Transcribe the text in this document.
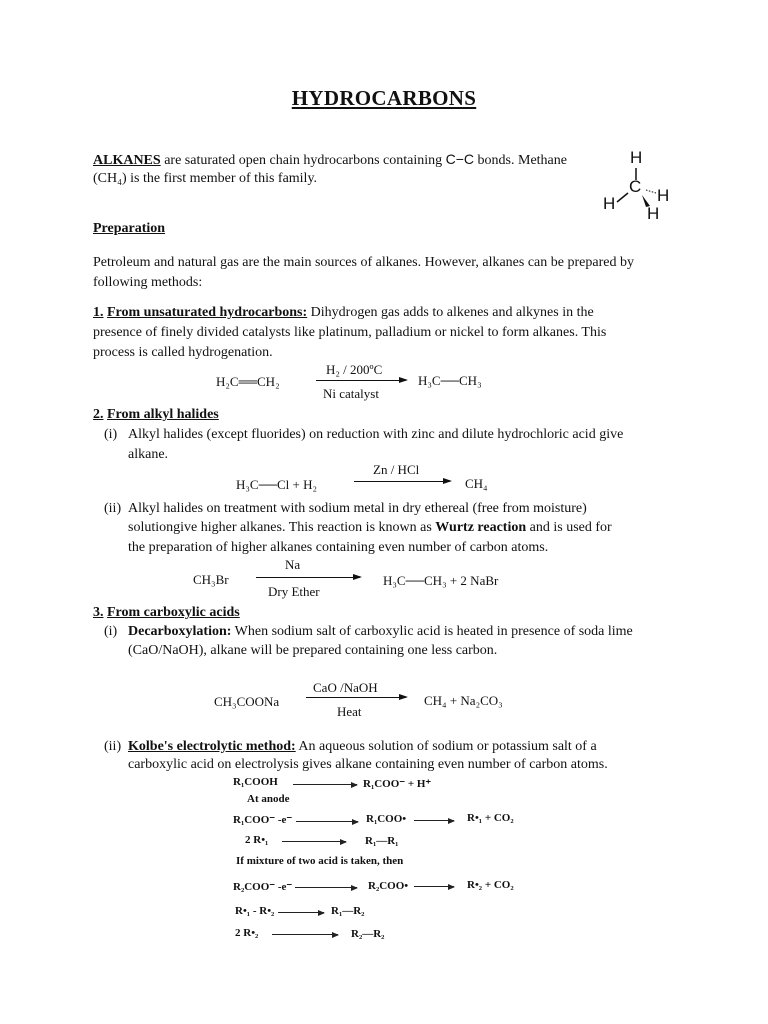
HYDROCARBONS
ALKANES are saturated open chain hydrocarbons containing C−C bonds. Methane
(CH₄) is the first member of this family.
H
C
H H
H
Preparation
Petroleum and natural gas are the main sources of alkanes. However, alkanes can be prepared by
following methods:
1. From unsaturated hydrocarbons: Dihydrogen gas adds to alkenes and alkynes in the
presence of finely divided catalysts like platinum, palladium or nickel to form alkanes. This
process is called hydrogenation.
H₂C══CH₂
H₂ / 200ºC
Ni catalyst
H₃C──CH₃
2. From alkyl halides
(i) Alkyl halides (except fluorides) on reduction with zinc and dilute hydrochloric acid give
alkane.
H₃C──Cl + H₂
Zn / HCl
CH₄
(ii) Alkyl halides on treatment with sodium metal in dry ethereal (free from moisture)
solutiongive higher alkanes. This reaction is known as Wurtz reaction and is used for
the preparation of higher alkanes containing even number of carbon atoms.
CH₃Br
Na
Dry Ether
H₃C──CH₃ + 2 NaBr
3. From carboxylic acids
(i) Decarboxylation: When sodium salt of carboxylic acid is heated in presence of soda lime
(CaO/NaOH), alkane will be prepared containing one less carbon.
CH₃COONa
CaO /NaOH
Heat
CH₄ + Na₂CO₃
(ii) Kolbe's electrolytic method: An aqueous solution of sodium or potassium salt of a
carboxylic acid on electrolysis gives alkane containing even number of carbon atoms.
R₁COOH	R₁COO⁻ + H⁺
At anode
R₁COO⁻ -e⁻	R₁COO•	R•₁ + CO₂
2 R•₁	R₁—R₁
If mixture of two acid is taken, then
R₂COO⁻ -e⁻	R₂COO•	R•₂ + CO₂
R•₁ - R•₂	R₁—R₂
2 R•₂	R₂—R₂
